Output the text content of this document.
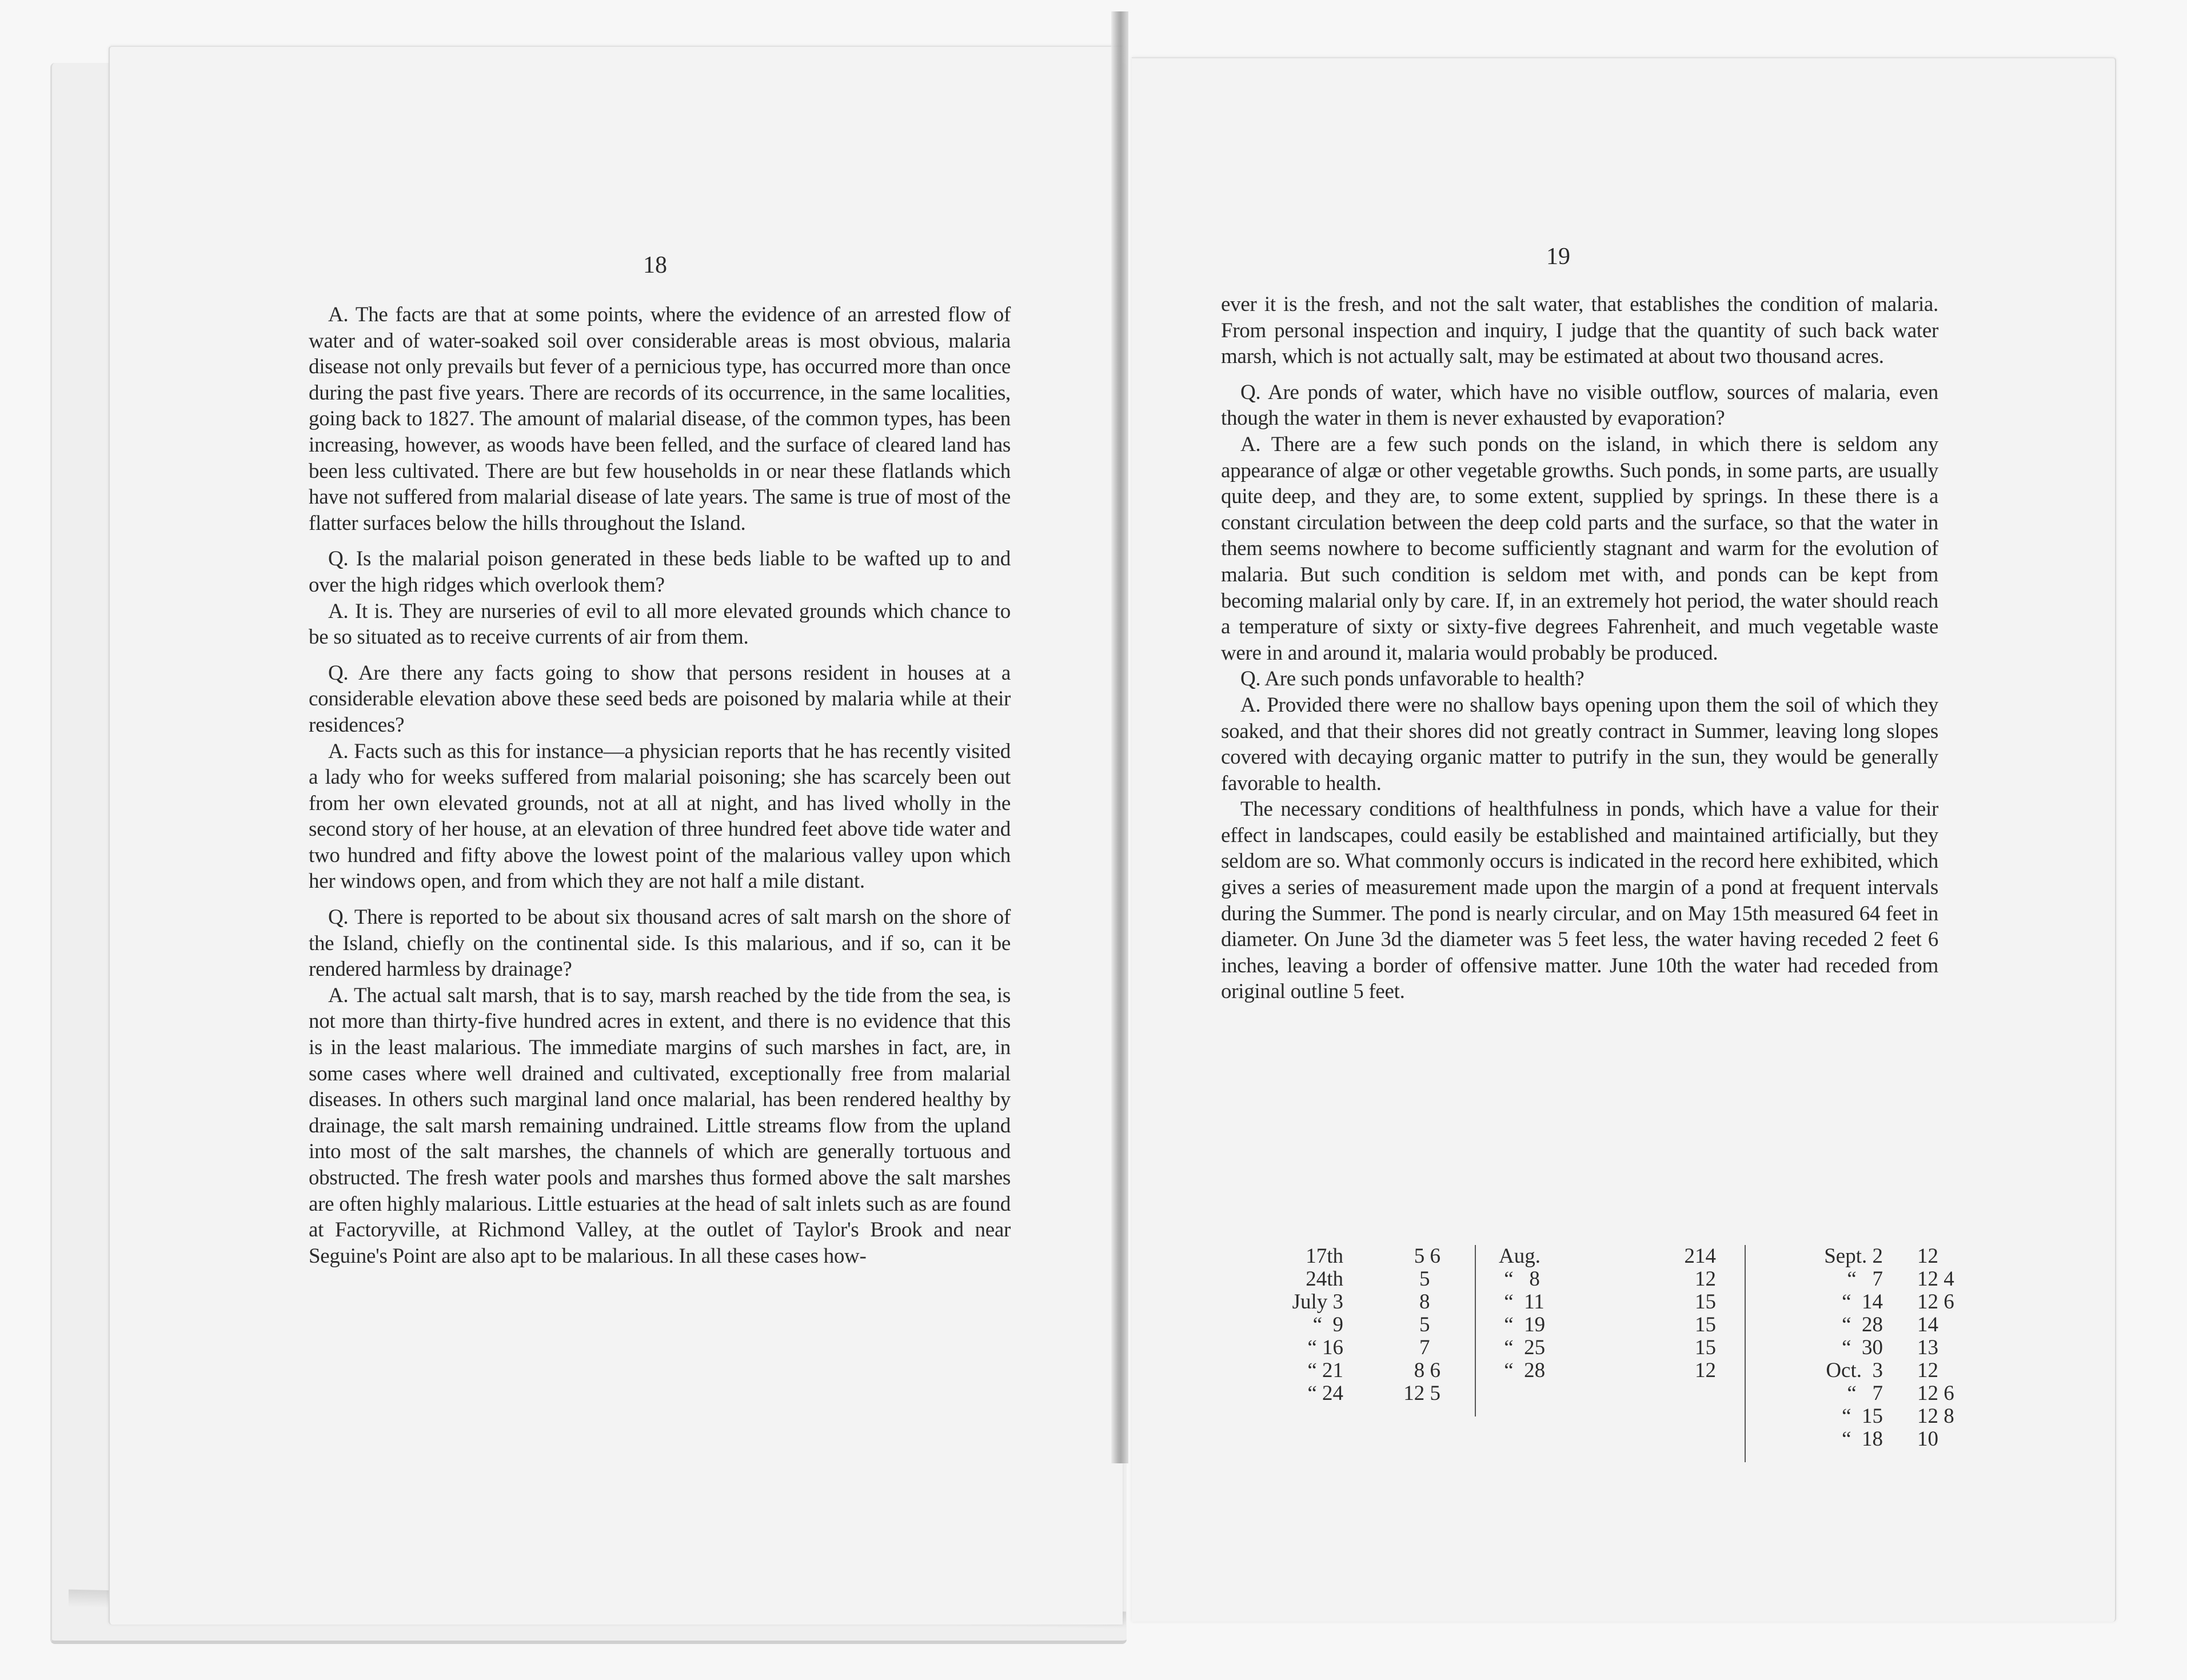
18	19

A. The facts are that at some points, where the evidence of an arrested flow of water and of water-soaked soil over considerable areas is most obvious, malaria disease not only prevails but fever of a pernicious type, has occurred more than once during the past five years. There are records of its occurrence, in the same localities, going back to 1827. The amount of malarial disease, of the common types, has been increasing, however, as woods have been felled, and the surface of cleared land has been less cultivated. There are but few households in or near these flatlands which have not suffered from malarial disease of late years. The same is true of most of the flatter surfaces below the hills throughout the Island.

Q. Is the malarial poison generated in these beds liable to be wafted up to and over the high ridges which overlook them?

A. It is. They are nurseries of evil to all more elevated grounds which chance to be so situated as to receive currents of air from them.

Q. Are there any facts going to show that persons resident in houses at a considerable elevation above these seed beds are poisoned by malaria while at their residences?

A. Facts such as this for instance—a physician reports that he has recently visited a lady who for weeks suffered from malarial poisoning; she has scarcely been out from her own elevated grounds, not at all at night, and has lived wholly in the second story of her house, at an elevation of three hundred feet above tide water and two hundred and fifty above the lowest point of the malarious valley upon which her windows open, and from which they are not half a mile distant.

Q. There is reported to be about six thousand acres of salt marsh on the shore of the Island, chiefly on the continental side. Is this malarious, and if so, can it be rendered harmless by drainage?

A. The actual salt marsh, that is to say, marsh reached by the tide from the sea, is not more than thirty-five hundred acres in extent, and there is no evidence that this is in the least malarious. The immediate margins of such marshes in fact, are, in some cases where well drained and cultivated, exceptionally free from malarial diseases. In others such marginal land once malarial, has been rendered healthy by drainage, the salt marsh remaining undrained. Little streams flow from the upland into most of the salt marshes, the channels of which are generally tortuous and obstructed. The fresh water pools and marshes thus formed above the salt marshes are often highly malarious. Little estuaries at the head of salt inlets such as are found at Factoryville, at Richmond Valley, at the outlet of Taylor's Brook and near Seguine's Point are also apt to be malarious. In all these cases how-

ever it is the fresh, and not the salt water, that establishes the condition of malaria. From personal inspection and inquiry, I judge that the quantity of such back water marsh, which is not actually salt, may be estimated at about two thousand acres.

Q. Are ponds of water, which have no visible outflow, sources of malaria, even though the water in them is never exhausted by evaporation?

A. There are a few such ponds on the island, in which there is seldom any appearance of algæ or other vegetable growths. Such ponds, in some parts, are usually quite deep, and they are, to some extent, supplied by springs. In these there is a constant circulation between the deep cold parts and the surface, so that the water in them seems nowhere to become sufficiently stagnant and warm for the evolution of malaria. But such condition is seldom met with, and ponds can be kept from becoming malarial only by care. If, in an extremely hot period, the water should reach a temperature of sixty or sixty-five degrees Fahrenheit, and much vegetable waste were in and around it, malaria would probably be produced.

Q. Are such ponds unfavorable to health?

A. Provided there were no shallow bays opening upon them the soil of which they soaked, and that their shores did not greatly contract in Summer, leaving long slopes covered with decaying organic matter to putrify in the sun, they would be generally favorable to health.

The necessary conditions of healthfulness in ponds, which have a value for their effect in landscapes, could easily be established and maintained artificially, but they seldom are so. What commonly occurs is indicated in the record here exhibited, which gives a series of measurement made upon the margin of a pond at frequent intervals during the Summer. The pond is nearly circular, and on May 15th measured 64 feet in diameter. On June 3d the diameter was 5 feet less, the water having receded 2 feet 6 inches, leaving a border of offensive matter. June 10th the water had receded from original outline 5 feet.

17th	5 6
24th	5
July 3	8
“  9	5
“ 16	7
“ 21	8 6
“ 24	12 5
Aug.	214
“   8	12
“  11	15
“  19	15
“  25	15
“  28	12
Sept. 2	12
“   7	12 4
“  14	12 6
“  28	14
“  30	13
Oct.  3	12
“   7	12 6
“  15	12 8
“  18	10
